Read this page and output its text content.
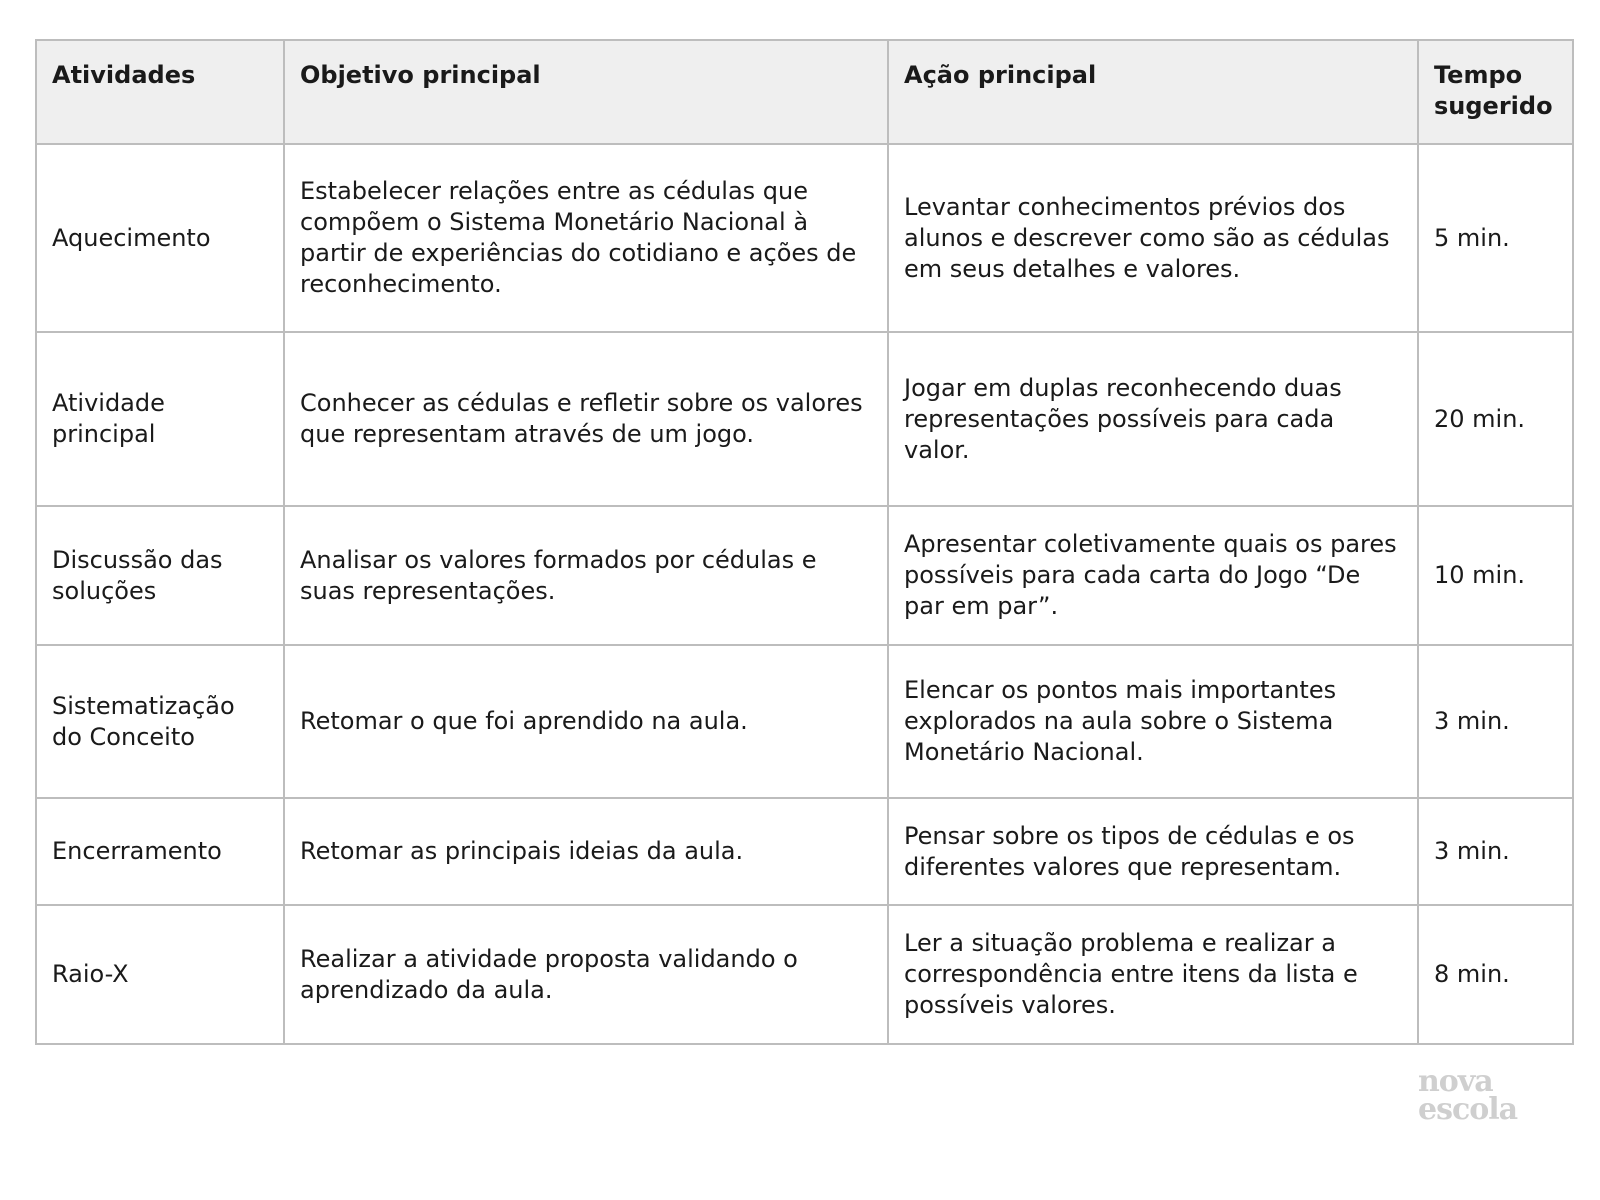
Atividades	Objetivo principal	Ação principal	Tempo sugerido
Aquecimento	Estabelecer relações entre as cédulas que compõem o Sistema Monetário Nacional à partir de experiências do cotidiano e ações de reconhecimento.	Levantar conhecimentos prévios dos alunos e descrever como são as cédulas em seus detalhes e valores.	5 min.
Atividade principal	Conhecer as cédulas e refletir sobre os valores que representam através de um jogo.	Jogar em duplas reconhecendo duas representações possíveis para cada valor.	20 min.
Discussão das soluções	Analisar os valores formados por cédulas e suas representações.	Apresentar coletivamente quais os pares possíveis para cada carta do Jogo “De par em par”.	10 min.
Sistematização do Conceito	Retomar o que foi aprendido na aula.	Elencar os pontos mais importantes explorados na aula sobre o Sistema Monetário Nacional.	3 min.
Encerramento	Retomar as principais ideias da aula.	Pensar sobre os tipos de cédulas e os diferentes valores que representam.	3 min.
Raio-X	Realizar a atividade proposta validando o aprendizado da aula.	Ler a situação problema e realizar a correspondência entre itens da lista e possíveis valores.	8 min.
nova
escola
